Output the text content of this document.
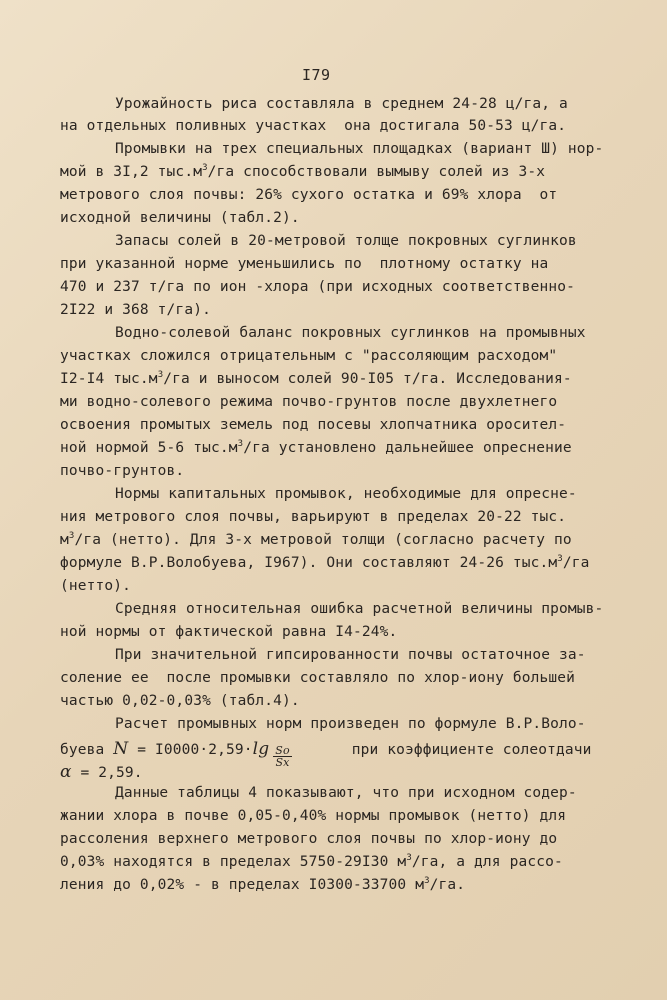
I79
Урожайность риса составляла в среднем 24-28 ц/га, а
на отдельных поливных участках  она достигала 50-53 ц/га.
Промывки на трех специальных площадках (вариант Ш) нор-
мой в 3I,2 $тыс.м^3/га$ способствовали вымыву солей из 3-х
метрового слоя почвы: 26% сухого остатка и 69% хлора  от
исходной величины (табл.2).
Запасы солей в 20-метровой толще покровных суглинков
при указанной норме уменьшились по  плотному остатку на
470 и 237 т/га по ион -хлора (при исходных соответственно-
2I22 и 368 т/га).
Водно-солевой баланс покровных суглинков на промывных
участках сложился отрицательным с "рассоляющим расходом"
I2-I4 $тыс.м^3/га$ и выносом солей 90-I05 т/га. Исследования-
ми водно-солевого режима почво-грунтов после двухлетнего
освоения промытых земель под посевы хлопчатника оросител-
ной нормой 5-6 $тыс.м^3/га$ установлено дальнейшее опреснение
почво-грунтов.
Нормы капитальных промывок, необходимые для опреснe-
ния метрового слоя почвы, варьируют в пределах 20-22 тыс.
$м^3/га$ (нетто). Для 3-х метровой толщи (согласно расчету по
формуле В.Р.Волобуева, I967). Они составляют 24-26 $тыс.м^3/га$
(нетто).
Средняя относительная ошибка расчетной величины промыв-
ной нормы от фактической равна I4-24%.
При значительной гипсированности почвы остаточное за-
соление ее  после промывки составляло по хлор-иону большей
частью 0,02-0,03% (табл.4).
Расчет промывных норм произведен по формуле В.Р.Воло-
буева $N = I0000\cdot 2,59\cdot\lg \frac{So}{Sx}$	при коэффициенте солеотдачи
α = 2,59.
Данные таблицы 4 показывают, что при исходном содер-
жании хлора в почве 0,05-0,40% нормы промывок (нетто) для
рассоления верхнего метрового слоя почвы по хлор-иону до
0,03% находятся в пределах 5750-29I30 $м^3/га$, а для рассо-
ления до 0,02% - в пределах I0300-33700 $м^3/га$.
